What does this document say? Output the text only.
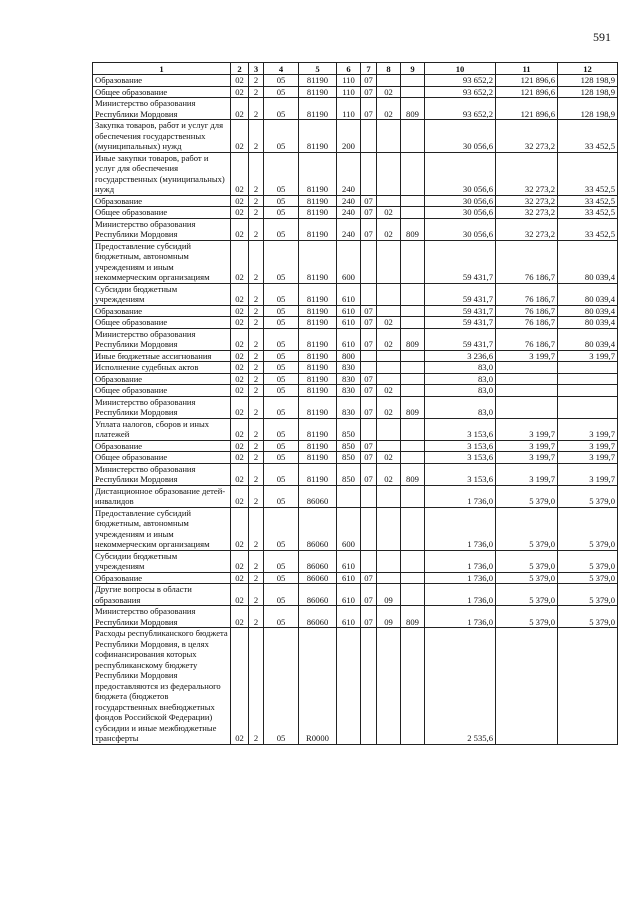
591
1	2	3	4	5	6	7	8	9	10	11	12
Образование	02	2	05	81190	110	07			93 652,2	121 896,6	128 198,9
Общее образование	02	2	05	81190	110	07	02		93 652,2	121 896,6	128 198,9
Министерство образования Республики Мордовия	02	2	05	81190	110	07	02	809	93 652,2	121 896,6	128 198,9
Закупка товаров, работ и услуг для обеспечения государственных (муниципальных) нужд	02	2	05	81190	200				30 056,6	32 273,2	33 452,5
Иные закупки товаров, работ и услуг для обеспечения государственных (муниципальных) нужд	02	2	05	81190	240				30 056,6	32 273,2	33 452,5
Образование	02	2	05	81190	240	07			30 056,6	32 273,2	33 452,5
Общее образование	02	2	05	81190	240	07	02		30 056,6	32 273,2	33 452,5
Министерство образования Республики Мордовия	02	2	05	81190	240	07	02	809	30 056,6	32 273,2	33 452,5
Предоставление субсидий бюджетным, автономным учреждениям и иным некоммерческим организациям	02	2	05	81190	600				59 431,7	76 186,7	80 039,4
Субсидии бюджетным учреждениям	02	2	05	81190	610				59 431,7	76 186,7	80 039,4
Образование	02	2	05	81190	610	07			59 431,7	76 186,7	80 039,4
Общее образование	02	2	05	81190	610	07	02		59 431,7	76 186,7	80 039,4
Министерство образования Республики Мордовия	02	2	05	81190	610	07	02	809	59 431,7	76 186,7	80 039,4
Иные бюджетные ассигнования	02	2	05	81190	800				3 236,6	3 199,7	3 199,7
Исполнение судебных актов	02	2	05	81190	830				83,0		
Образование	02	2	05	81190	830	07			83,0		
Общее образование	02	2	05	81190	830	07	02		83,0		
Министерство образования Республики Мордовия	02	2	05	81190	830	07	02	809	83,0		
Уплата налогов, сборов и иных платежей	02	2	05	81190	850				3 153,6	3 199,7	3 199,7
Образование	02	2	05	81190	850	07			3 153,6	3 199,7	3 199,7
Общее образование	02	2	05	81190	850	07	02		3 153,6	3 199,7	3 199,7
Министерство образования Республики Мордовия	02	2	05	81190	850	07	02	809	3 153,6	3 199,7	3 199,7
Дистанционное образование детей-инвалидов	02	2	05	86060					1 736,0	5 379,0	5 379,0
Предоставление субсидий бюджетным, автономным учреждениям и иным некоммерческим организациям	02	2	05	86060	600				1 736,0	5 379,0	5 379,0
Субсидии бюджетным учреждениям	02	2	05	86060	610				1 736,0	5 379,0	5 379,0
Образование	02	2	05	86060	610	07			1 736,0	5 379,0	5 379,0
Другие вопросы в области образования	02	2	05	86060	610	07	09		1 736,0	5 379,0	5 379,0
Министерство образования Республики Мордовия	02	2	05	86060	610	07	09	809	1 736,0	5 379,0	5 379,0
Расходы республиканского бюджета Республики Мордовия, в целях софинансирования которых республиканскому бюджету Республики Мордовия предоставляются из федерального бюджета (бюджетов государственных внебюджетных фондов Российской Федерации) субсидии и иные межбюджетные трансферты	02	2	05	R0000					2 535,6		
